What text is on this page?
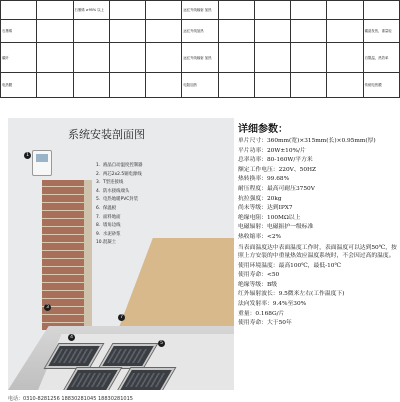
		石墨烯 ≥95% 以上			远红外线辐射 加热					
石墨烯					远红外线加热					碳晶发热，重量轻
碳纤					远红外线辐射 加热					自限温，热效率
电热膜					电阻加热					传统电热膜
系统安装剖面图
1. 液晶自动温度控制器
2. 两芯2x2.5铜电源线
3. T型连接线
4. 防水接线端头
5. 电热地暖PVC封装
6. 保温板
7. 面料地面
8. 墙角边线
9. 水泥砂浆
10.混凝土
1
3
4
5
7
详细参数：
单片尺寸：360mm(宽)×315mm(长)×0.95mm(厚)
平片功率：20W±10%/片
总率功率：80-160W/平方米
额定工作电压：220V、50HZ
热转换率：99.68%
耐压程度：最高可耐压3750V
抗拉强度：20kg
尚未等级：达到IPX7
绝缘电阻：100MΩ以上
电磁辐射：电磁振护一级标准
热收缩率：<2%
当表面温度达中表面温度工作时，表面温度可以达到50℃，按照上方安装的中重量热效应温度系统时，不会因过高的温度。
使用环境温度：最高100℃，最低-10℃
使用寿命：<50
绝缘等级：B级
红外辐射波长：9.5微米左右(工作温度下)
法向发射率：9.4%至30%
重量：0.168G/片
使用寿命：大于50年
电话：0310-8281256 18830281045 18830281015
